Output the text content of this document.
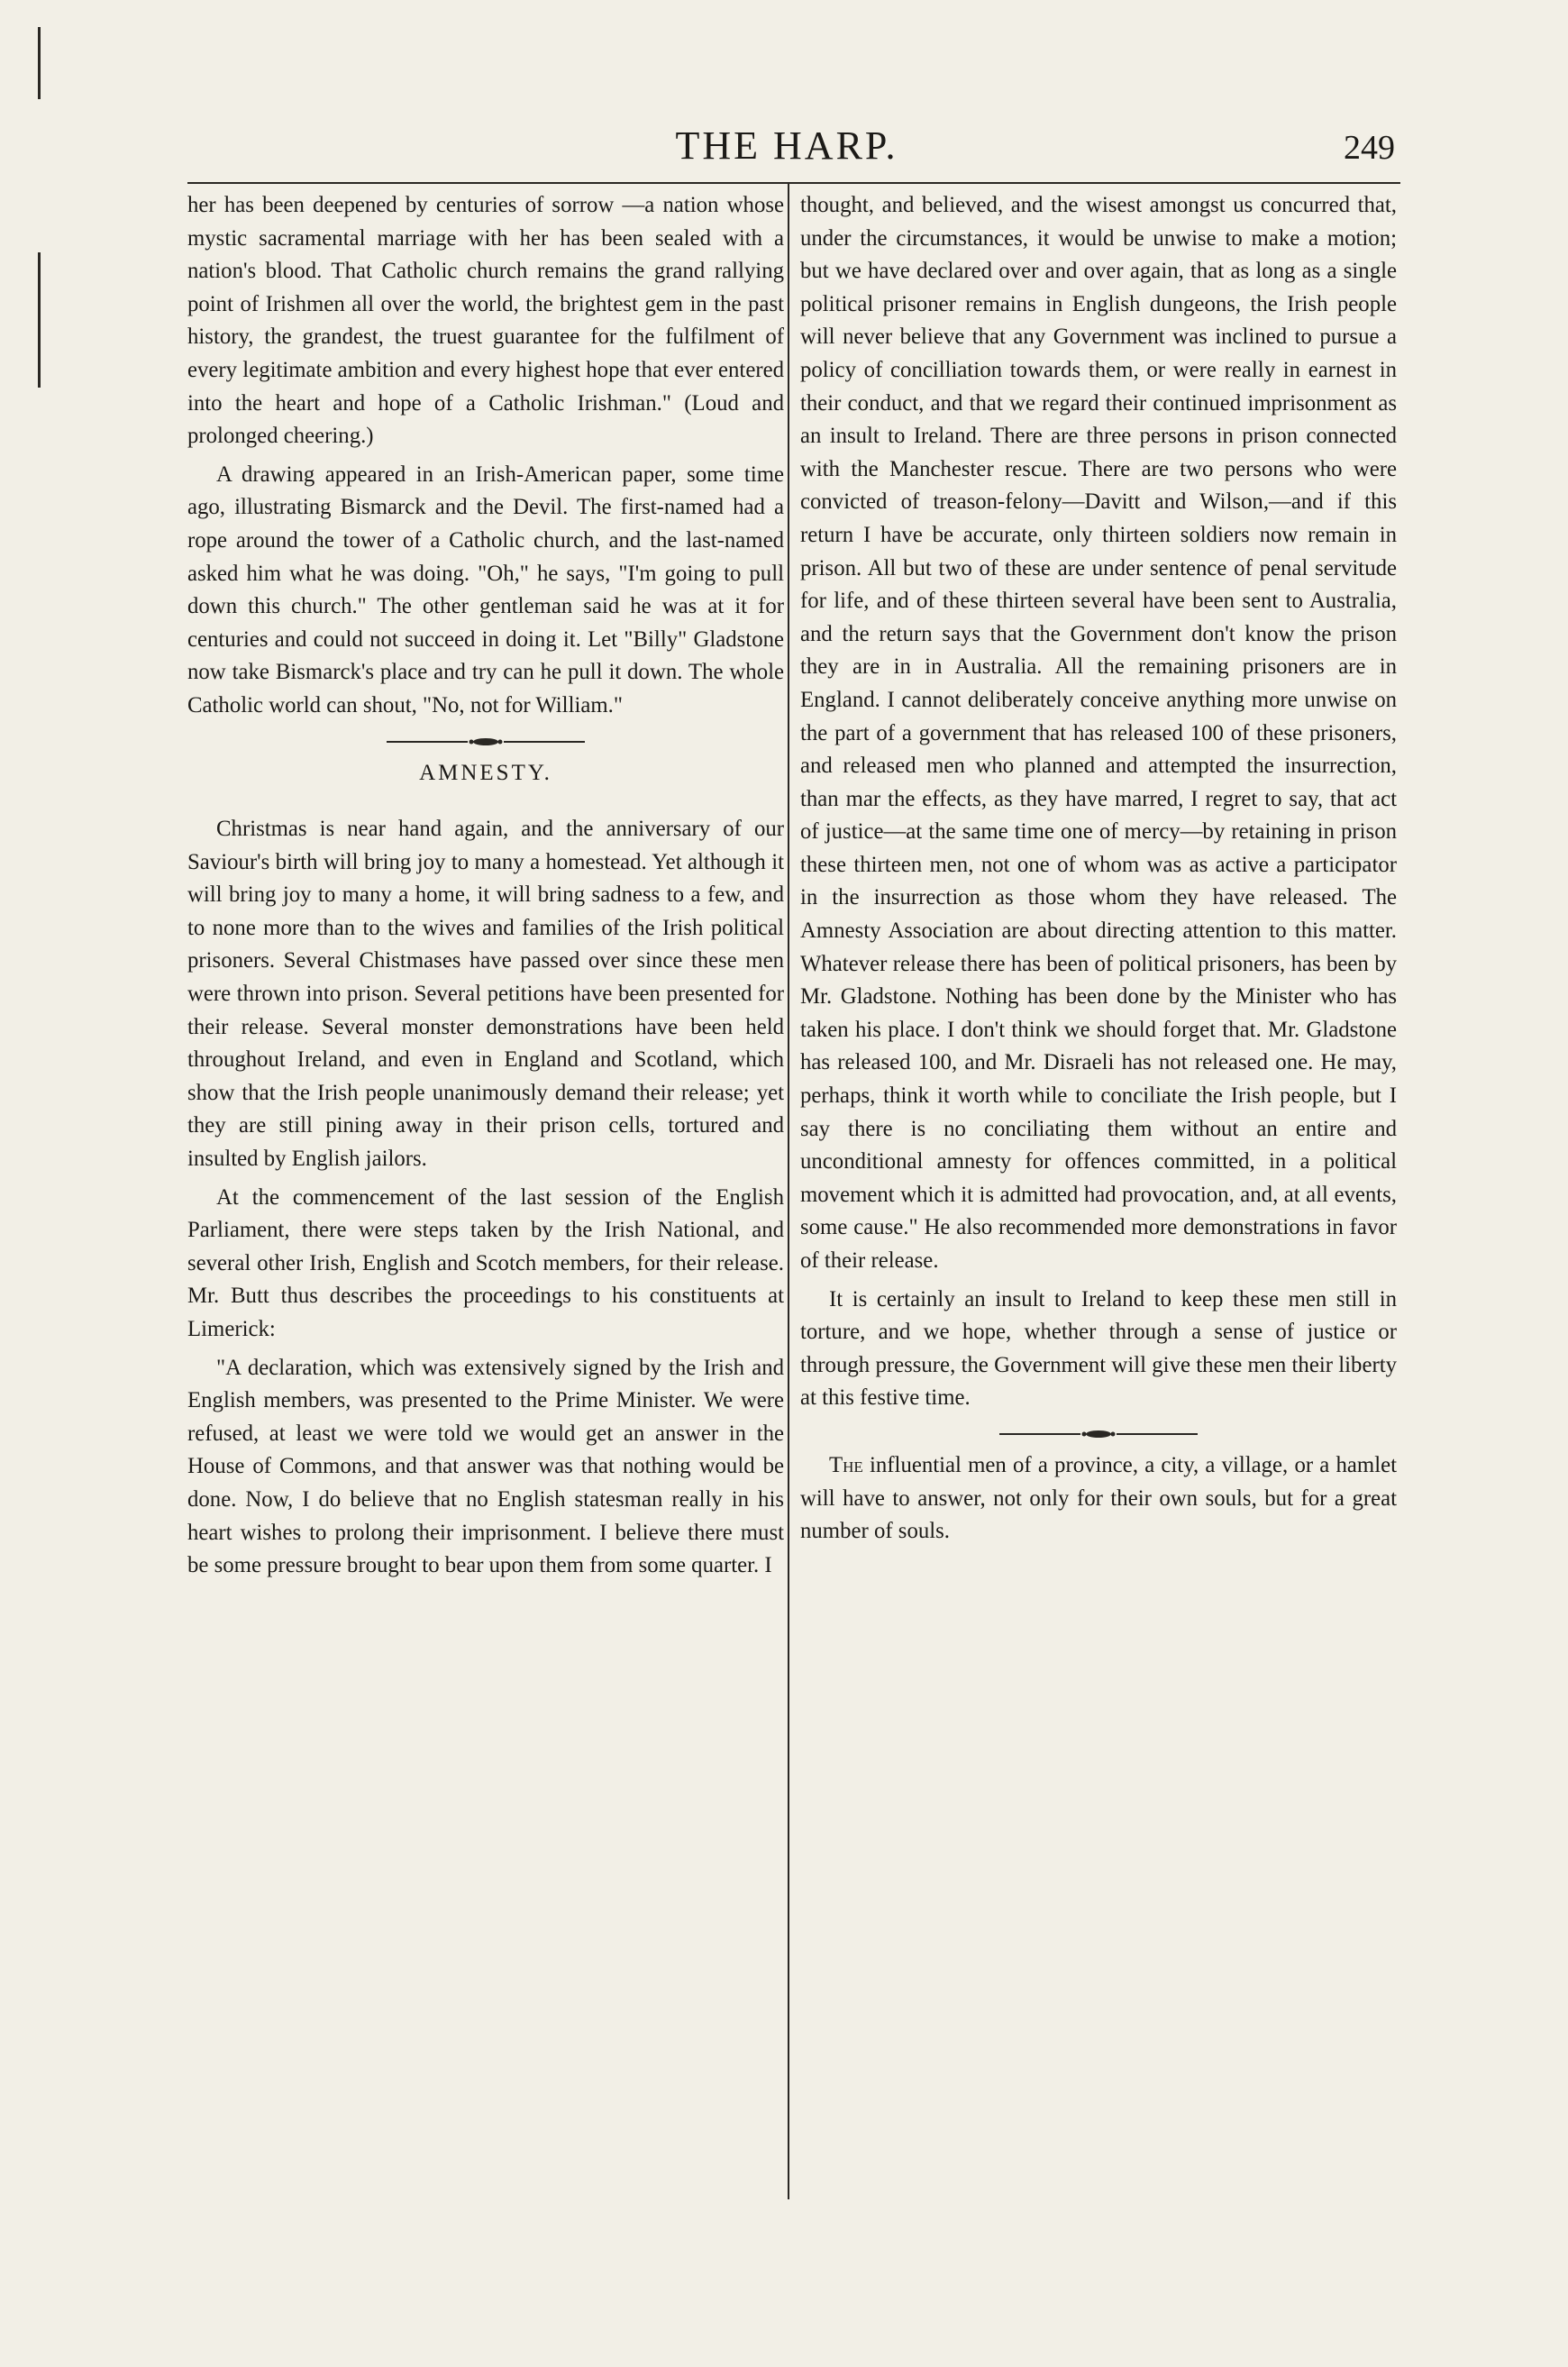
THE HARP.	249

her has been deepened by centuries of sorrow —a nation whose mystic sacramental marriage with her has been sealed with a nation's blood. That Catholic church remains the grand rallying point of Irishmen all over the world, the brightest gem in the past history, the grandest, the truest guarantee for the fulfilment of every legitimate ambition and every highest hope that ever entered into the heart and hope of a Catholic Irishman." (Loud and prolonged cheering.)

A drawing appeared in an Irish-American paper, some time ago, illustrating Bismarck and the Devil. The first-named had a rope around the tower of a Catholic church, and the last-named asked him what he was doing. "Oh," he says, "I'm going to pull down this church." The other gentleman said he was at it for centuries and could not succeed in doing it. Let "Billy" Gladstone now take Bismarck's place and try can he pull it down. The whole Catholic world can shout, "No, not for William."

AMNESTY.

Christmas is near hand again, and the anniversary of our Saviour's birth will bring joy to many a homestead. Yet although it will bring joy to many a home, it will bring sadness to a few, and to none more than to the wives and families of the Irish political prisoners. Several Chistmases have passed over since these men were thrown into prison. Several petitions have been presented for their release. Several monster demonstrations have been held throughout Ireland, and even in England and Scotland, which show that the Irish people unanimously demand their release; yet they are still pining away in their prison cells, tortured and insulted by English jailors.

At the commencement of the last session of the English Parliament, there were steps taken by the Irish National, and several other Irish, English and Scotch members, for their release. Mr. Butt thus describes the proceedings to his constituents at Limerick:

"A declaration, which was extensively signed by the Irish and English members, was presented to the Prime Minister. We were refused, at least we were told we would get an answer in the House of Commons, and that answer was that nothing would be done. Now, I do believe that no English statesman really in his heart wishes to prolong their imprisonment. I believe there must be some pressure brought to bear upon them from some quarter. I

thought, and believed, and the wisest amongst us concurred that, under the circumstances, it would be unwise to make a motion; but we have declared over and over again, that as long as a single political prisoner remains in English dungeons, the Irish people will never believe that any Government was inclined to pursue a policy of concilliation towards them, or were really in earnest in their conduct, and that we regard their continued imprisonment as an insult to Ireland. There are three persons in prison connected with the Manchester rescue. There are two persons who were convicted of treason-felony—Davitt and Wilson,—and if this return I have be accurate, only thirteen soldiers now remain in prison. All but two of these are under sentence of penal servitude for life, and of these thirteen several have been sent to Australia, and the return says that the Government don't know the prison they are in in Australia. All the remaining prisoners are in England. I cannot deliberately conceive anything more unwise on the part of a government that has released 100 of these prisoners, and released men who planned and attempted the insurrection, than mar the effects, as they have marred, I regret to say, that act of justice—at the same time one of mercy—by retaining in prison these thirteen men, not one of whom was as active a participator in the insurrection as those whom they have released. The Amnesty Association are about directing attention to this matter. Whatever release there has been of political prisoners, has been by Mr. Gladstone. Nothing has been done by the Minister who has taken his place. I don't think we should forget that. Mr. Gladstone has released 100, and Mr. Disraeli has not released one. He may, perhaps, think it worth while to conciliate the Irish people, but I say there is no conciliating them without an entire and unconditional amnesty for offences committed, in a political movement which it is admitted had provocation, and, at all events, some cause." He also recommended more demonstrations in favor of their release.

It is certainly an insult to Ireland to keep these men still in torture, and we hope, whether through a sense of justice or through pressure, the Government will give these men their liberty at this festive time.

The influential men of a province, a city, a village, or a hamlet will have to answer, not only for their own souls, but for a great number of souls.
